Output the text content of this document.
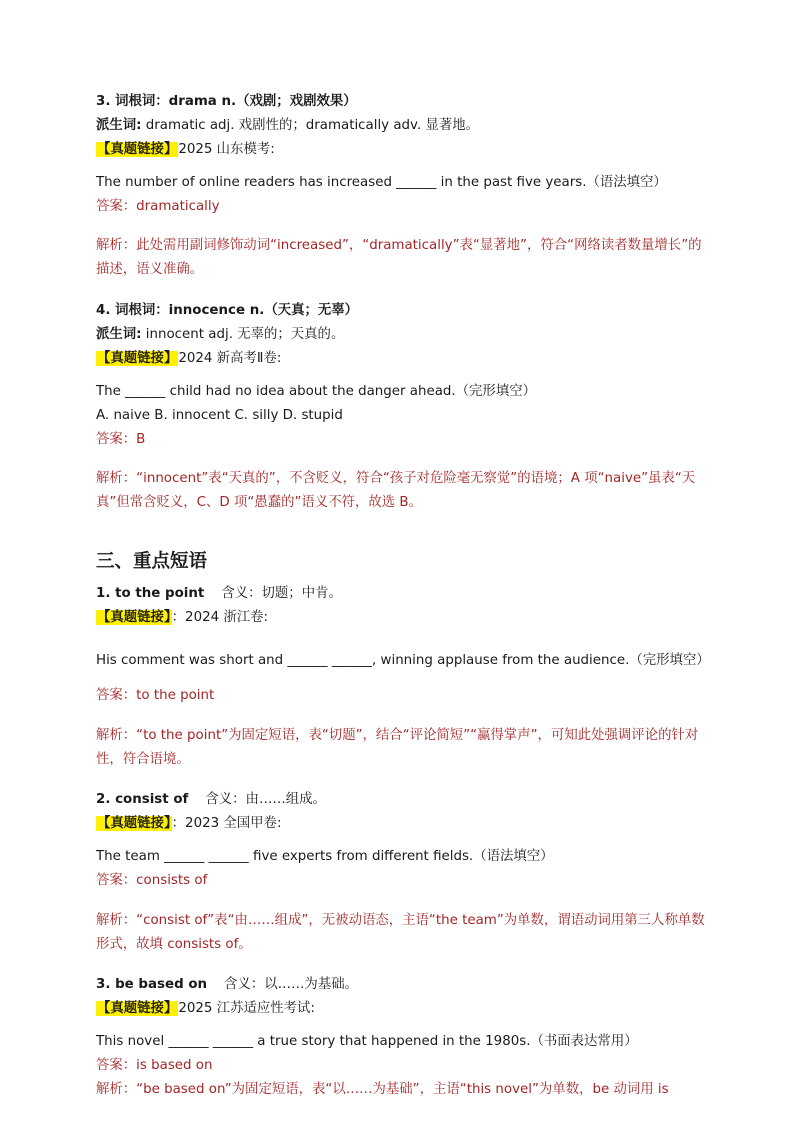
3. 词根词：drama n.（戏剧；戏剧效果）

派生词: dramatic adj. 戏剧性的；dramatically adv. 显著地。

【真题链接】2025 山东模考:

The number of online readers has increased ______ in the past five years.（语法填空）

答案：dramatically

解析：此处需用副词修饰动词“increased”，“dramatically”表“显著地”，符合“网络读者数量增长”的描述，语义准确。

4. 词根词：innocence n.（天真；无辜）

派生词: innocent adj. 无辜的；天真的。

【真题链接】2024 新高考Ⅱ卷:

The ______ child had no idea about the danger ahead.（完形填空）

A. naive B. innocent C. silly D. stupid

答案：B

解析：“innocent”表“天真的”，不含贬义，符合“孩子对危险毫无察觉”的语境；A 项“naive”虽表“天真”但常含贬义，C、D 项“愚蠢的”语义不符，故选 B。

三、重点短语

1. to the point    含义：切题；中肯。

【真题链接】：2024 浙江卷:

His comment was short and ______ ______, winning applause from the audience.（完形填空）

答案：to the point

解析：“to the point”为固定短语，表“切题”，结合“评论简短”“赢得掌声”，可知此处强调评论的针对性，符合语境。

2. consist of    含义：由……组成。

【真题链接】：2023 全国甲卷:

The team ______ ______ five experts from different fields.（语法填空）

答案：consists of

解析：“consist of”表“由……组成”，无被动语态，主语“the team”为单数，谓语动词用第三人称单数形式，故填 consists of。

3. be based on    含义：以……为基础。

【真题链接】2025 江苏适应性考试:

This novel ______ ______ a true story that happened in the 1980s.（书面表达常用）

答案：is based on

解析：“be based on”为固定短语，表“以……为基础”，主语“this novel”为单数，be 动词用 is
